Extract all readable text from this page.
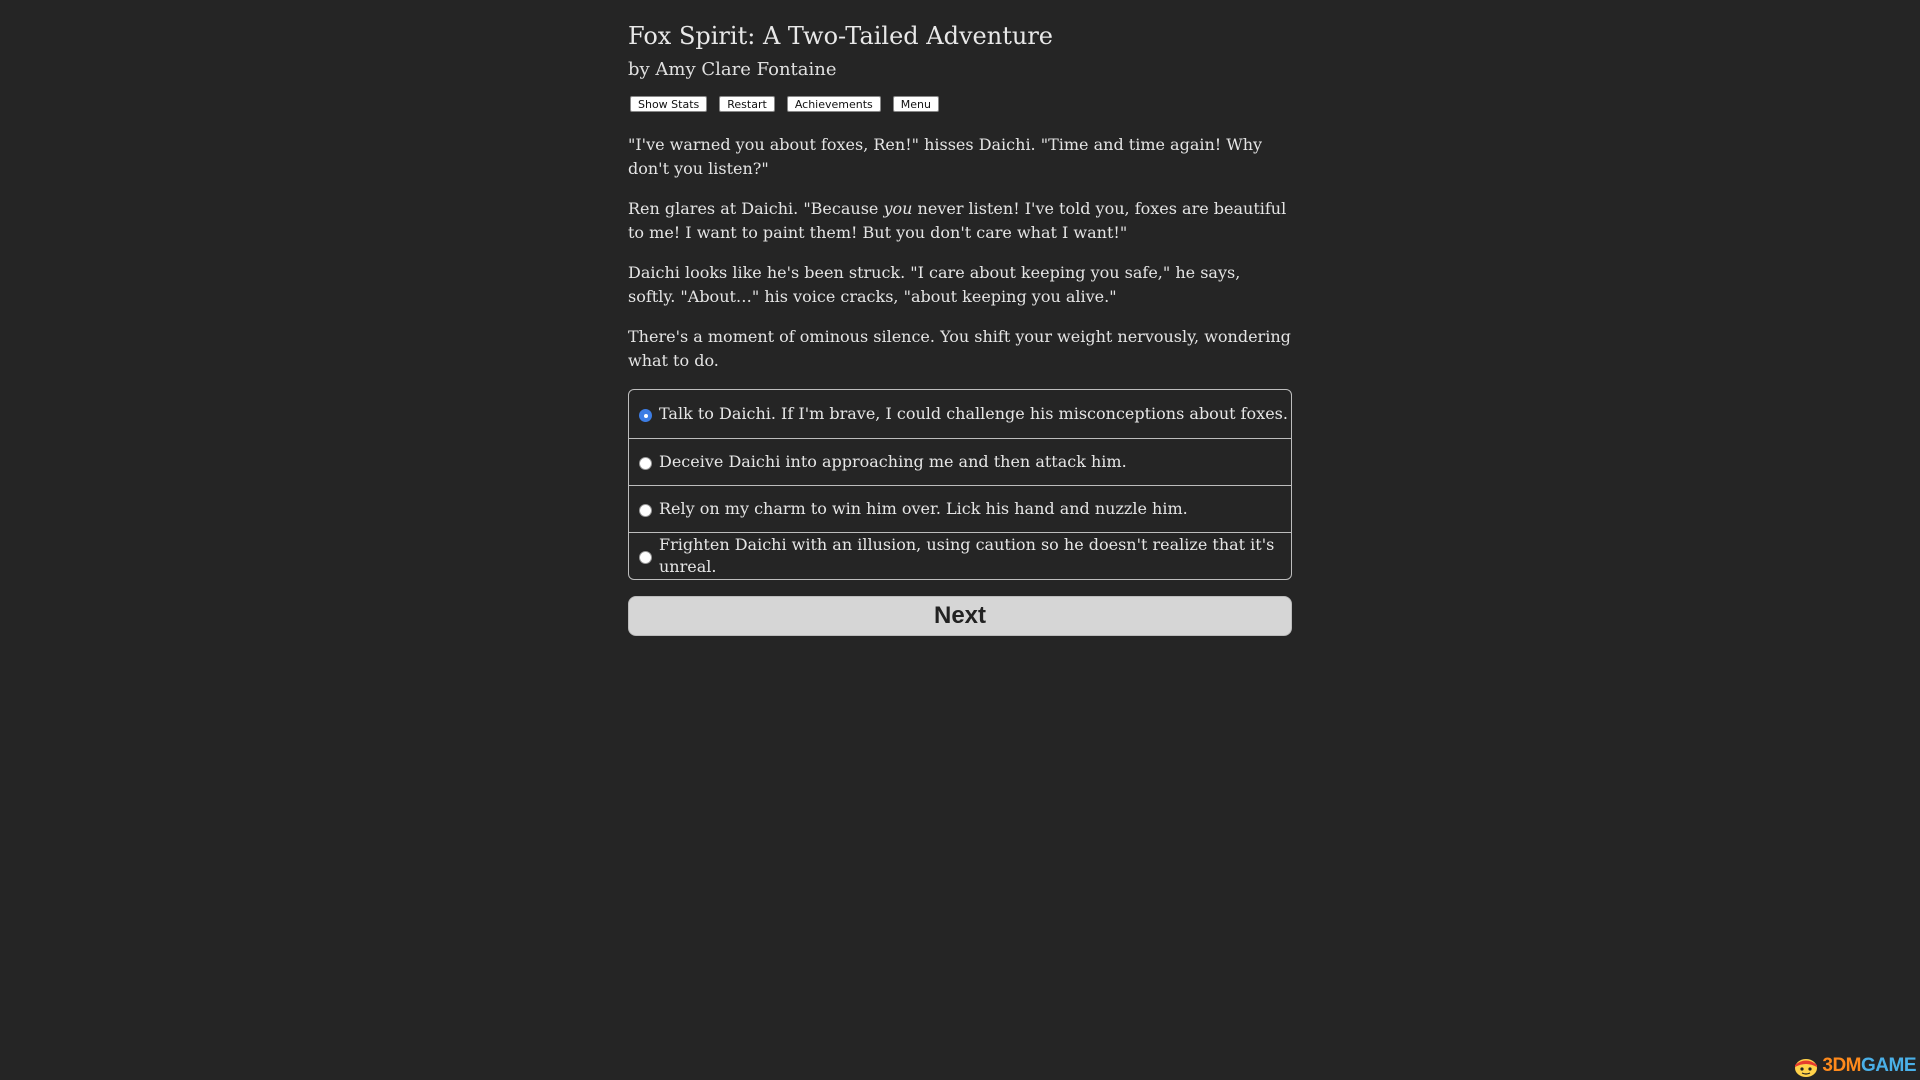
Fox Spirit: A Two-Tailed Adventure
by Amy Clare Fontaine
Show Stats	Restart	Achievements	Menu

"I've warned you about foxes, Ren!" hisses Daichi. "Time and time again! Why don't you listen?"

Ren glares at Daichi. "Because you never listen! I've told you, foxes are beautiful to me! I want to paint them! But you don't care what I want!"

Daichi looks like he's been struck. "I care about keeping you safe," he says, softly. "About…" his voice cracks, "about keeping you alive."

There's a moment of ominous silence. You shift your weight nervously, wondering what to do.

Talk to Daichi. If I'm brave, I could challenge his misconceptions about foxes.
Deceive Daichi into approaching me and then attack him.
Rely on my charm to win him over. Lick his hand and nuzzle him.
Frighten Daichi with an illusion, using caution so he doesn't realize that it's unreal.
Next
3DM GAME
